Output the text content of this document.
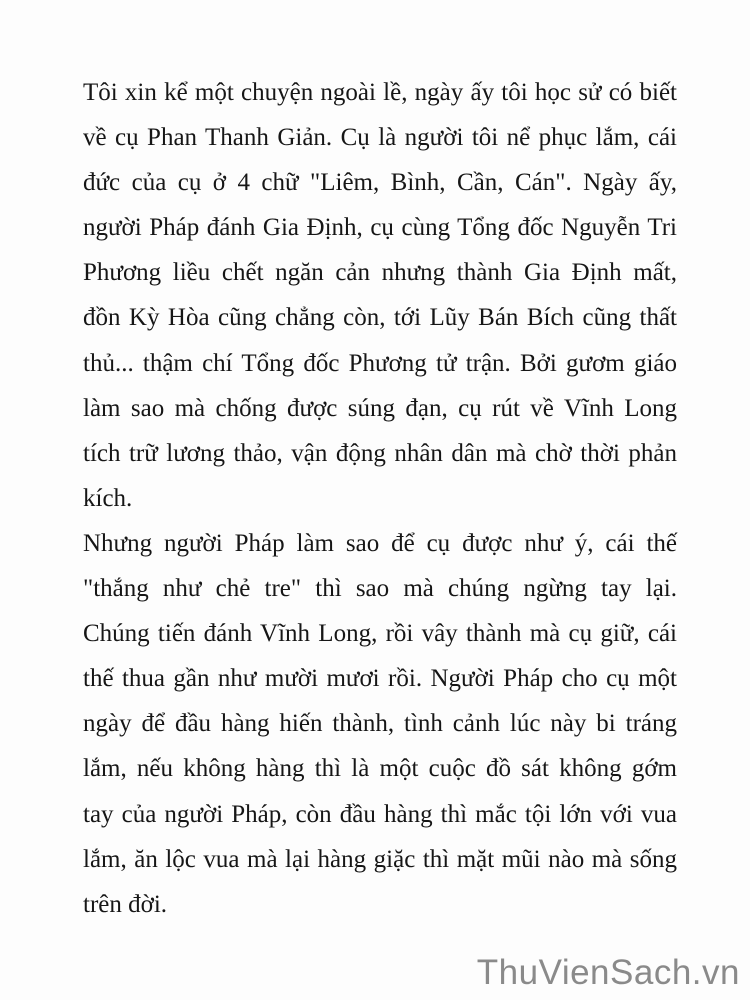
Tôi xin kể một chuyện ngoài lề, ngày ấy tôi học sử có biết
về cụ Phan Thanh Giản. Cụ là người tôi nể phục lắm, cái
đức của cụ ở 4 chữ "Liêm, Bình, Cần, Cán". Ngày ấy,
người Pháp đánh Gia Định, cụ cùng Tổng đốc Nguyễn Tri
Phương liều chết ngăn cản nhưng thành Gia Định mất,
đồn Kỳ Hòa cũng chẳng còn, tới Lũy Bán Bích cũng thất
thủ... thậm chí Tổng đốc Phương tử trận. Bởi gươm giáo
làm sao mà chống được súng đạn, cụ rút về Vĩnh Long
tích trữ lương thảo, vận động nhân dân mà chờ thời phản
kích.
Nhưng người Pháp làm sao để cụ được như ý, cái thế
"thắng như chẻ tre" thì sao mà chúng ngừng tay lại.
Chúng tiến đánh Vĩnh Long, rồi vây thành mà cụ giữ, cái
thế thua gần như mười mươi rồi. Người Pháp cho cụ một
ngày để đầu hàng hiến thành, tình cảnh lúc này bi tráng
lắm, nếu không hàng thì là một cuộc đồ sát không gớm
tay của người Pháp, còn đầu hàng thì mắc tội lớn với vua
lắm, ăn lộc vua mà lại hàng giặc thì mặt mũi nào mà sống
trên đời.
ThuVienSach.vn
